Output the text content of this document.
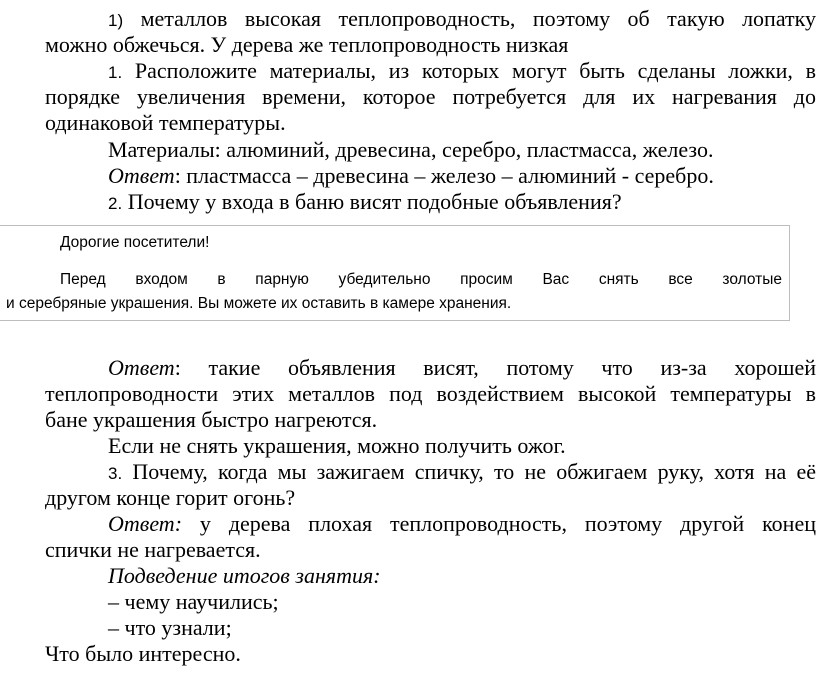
1) металлов высокая теплопроводность, поэтому об такую лопатку
можно обжечься. У дерева же теплопроводность низкая
1. Расположите материалы, из которых могут быть сделаны ложки, в
порядке увеличения времени, которое потребуется для их нагревания до
одинаковой температуры.
Материалы: алюминий, древесина, серебро, пластмасса, железо.
Ответ: пластмасса – древесина – железо – алюминий - серебро.
2. Почему у входа в баню висят подобные объявления?
Дорогие посетители!
Перед входом в парную убедительно просим Вас снять все золотые
и серебряные украшения. Вы можете их оставить в камере хранения.
Ответ: такие объявления висят, потому что из-за хорошей
теплопроводности этих металлов под воздействием высокой температуры в
бане украшения быстро нагреются.
Если не снять украшения, можно получить ожог.
3. Почему, когда мы зажигаем спичку, то не обжигаем руку, хотя на её
другом конце горит огонь?
Ответ: у дерева плохая теплопроводность, поэтому другой конец
спички не нагревается.
Подведение итогов занятия:
– чему научились;
– что узнали;
Что было интересно.
